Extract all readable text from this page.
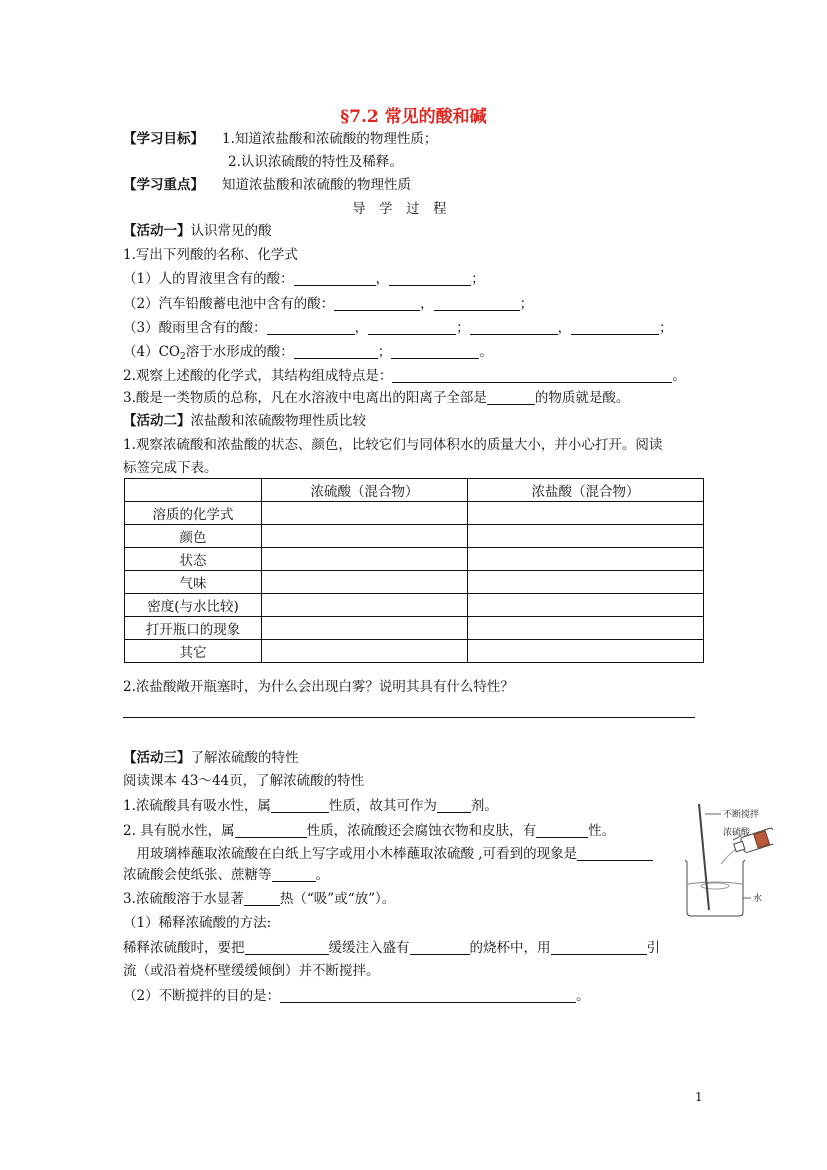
§7.2 常见的酸和碱
【学习目标】 1.知道浓盐酸和浓硫酸的物理性质；
2.认识浓硫酸的特性及稀释。
【学习重点】 知道浓盐酸和浓硫酸的物理性质
导　学　过　程
【活动一】认识常见的酸
1.写出下列酸的名称、化学式
（1）人的胃液里含有的酸：	，	；
（2）汽车铅酸蓄电池中含有的酸：	，	；
（3）酸雨里含有的酸：	，	；	，	；
$(4)CO_2$溶于水形成的酸：	；	。
2.观察上述酸的化学式，其结构组成特点是：	。
3.酸是一类物质的总称，凡在水溶液中电离出的阳离子全部是	的物质就是酸。
【活动二】浓盐酸和浓硫酸物理性质比较
1.观察浓硫酸和浓盐酸的状态、颜色，比较它们与同体积水的质量大小，并小心打开。阅读
标签完成下表。
	浓硫酸（混合物）	浓盐酸（混合物）
溶质的化学式		
颜色		
状态		
气味		
密度(与水比较)		
打开瓶口的现象		
其它		
2.浓盐酸敞开瓶塞时，为什么会出现白雾？说明其具有什么特性？
【活动三】了解浓硫酸的特性
阅读课本 43～44页，了解浓硫酸的特性
1.浓硫酸具有吸水性，属	性质，故其可作为	剂。
2. 具有脱水性，属	性质，浓硫酸还会腐蚀衣物和皮肤，有	性。
　用玻璃棒蘸取浓硫酸在白纸上写字或用小木棒蘸取浓硫酸 ,可看到的现象是
浓硫酸会使纸张、蔗糖等	。
3.浓硫酸溶于水显著	热（“吸”或“放”）。
（1）稀释浓硫酸的方法:
稀释浓硫酸时，要把	缓缓注入盛有	的烧杯中，用	引
流（或沿着烧杯壁缓缓倾倒）并不断搅拌。
（2）不断搅拌的目的是：	。
不断搅拌
浓硫酸
水
1
